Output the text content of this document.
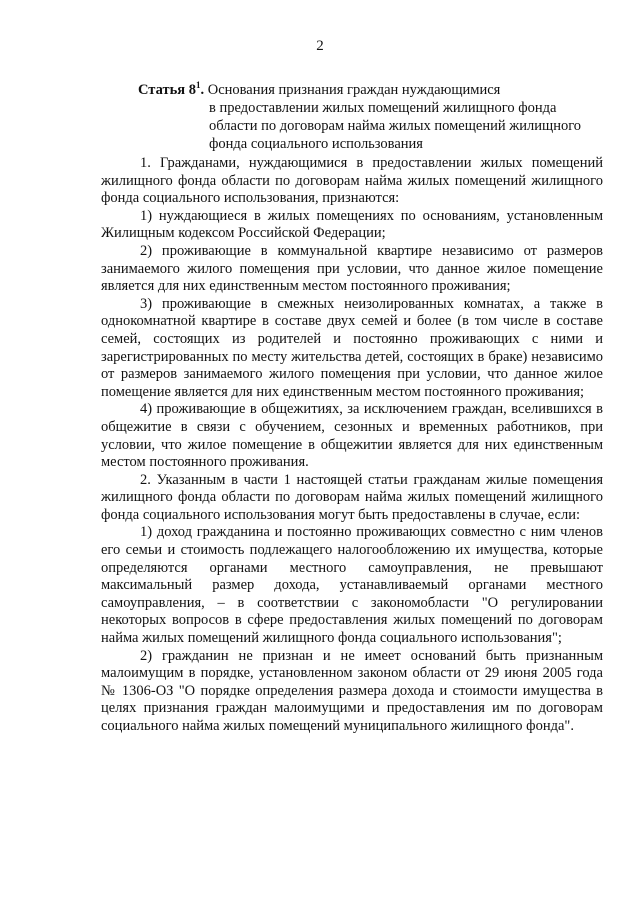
2
Статья $8^1$. Основания признания граждан нуждающимися
в предоставлении жилых помещений жилищного фонда
области по договорам найма жилых помещений жилищного
фонда социального использования

1. Гражданами, нуждающимися в предоставлении жилых помещений жилищного фонда области по договорам найма жилых помещений жилищного фонда социального использования, признаются:

1) нуждающиеся в жилых помещениях по основаниям, установленным Жилищным кодексом Российской Федерации;

2) проживающие в коммунальной квартире независимо от размеров занимаемого жилого помещения при условии, что данное жилое помещение является для них единственным местом постоянного проживания;

3) проживающие в смежных неизолированных комнатах, а также в однокомнатной квартире в составе двух семей и более (в том числе в составе семей, состоящих из родителей и постоянно проживающих с ними и зарегистрированных по месту жительства детей, состоящих в браке) независимо от размеров занимаемого жилого помещения при условии, что данное жилое помещение является для них единственным местом постоянного проживания;

4) проживающие в общежитиях, за исключением граждан, вселившихся в общежитие в связи с обучением, сезонных и временных работников, при условии, что жилое помещение в общежитии является для них единственным местом постоянного проживания.

2. Указанным в части 1 настоящей статьи гражданам жилые помещения жилищного фонда области по договорам найма жилых помещений жилищного фонда социального использования могут быть предоставлены в случае, если:

1) доход гражданина и постоянно проживающих совместно с ним членов его семьи и стоимость подлежащего налогообложению их имущества, которые определяются органами местного самоуправления, не превышают максимальный размер дохода, устанавливаемый органами местного самоуправления, – в соответствии с закономобласти "О регулировании некоторых вопросов в сфере предоставления жилых помещений по договорам найма жилых помещений жилищного фонда социального использования";

2) гражданин не признан и не имеет оснований быть признанным малоимущим в порядке, установленном законом области от 29 июня 2005 года № 1306-ОЗ "О порядке определения размера дохода и стоимости имущества в целях признания граждан малоимущими и предоставления им по договорам социального найма жилых помещений муниципального жилищного фонда".
